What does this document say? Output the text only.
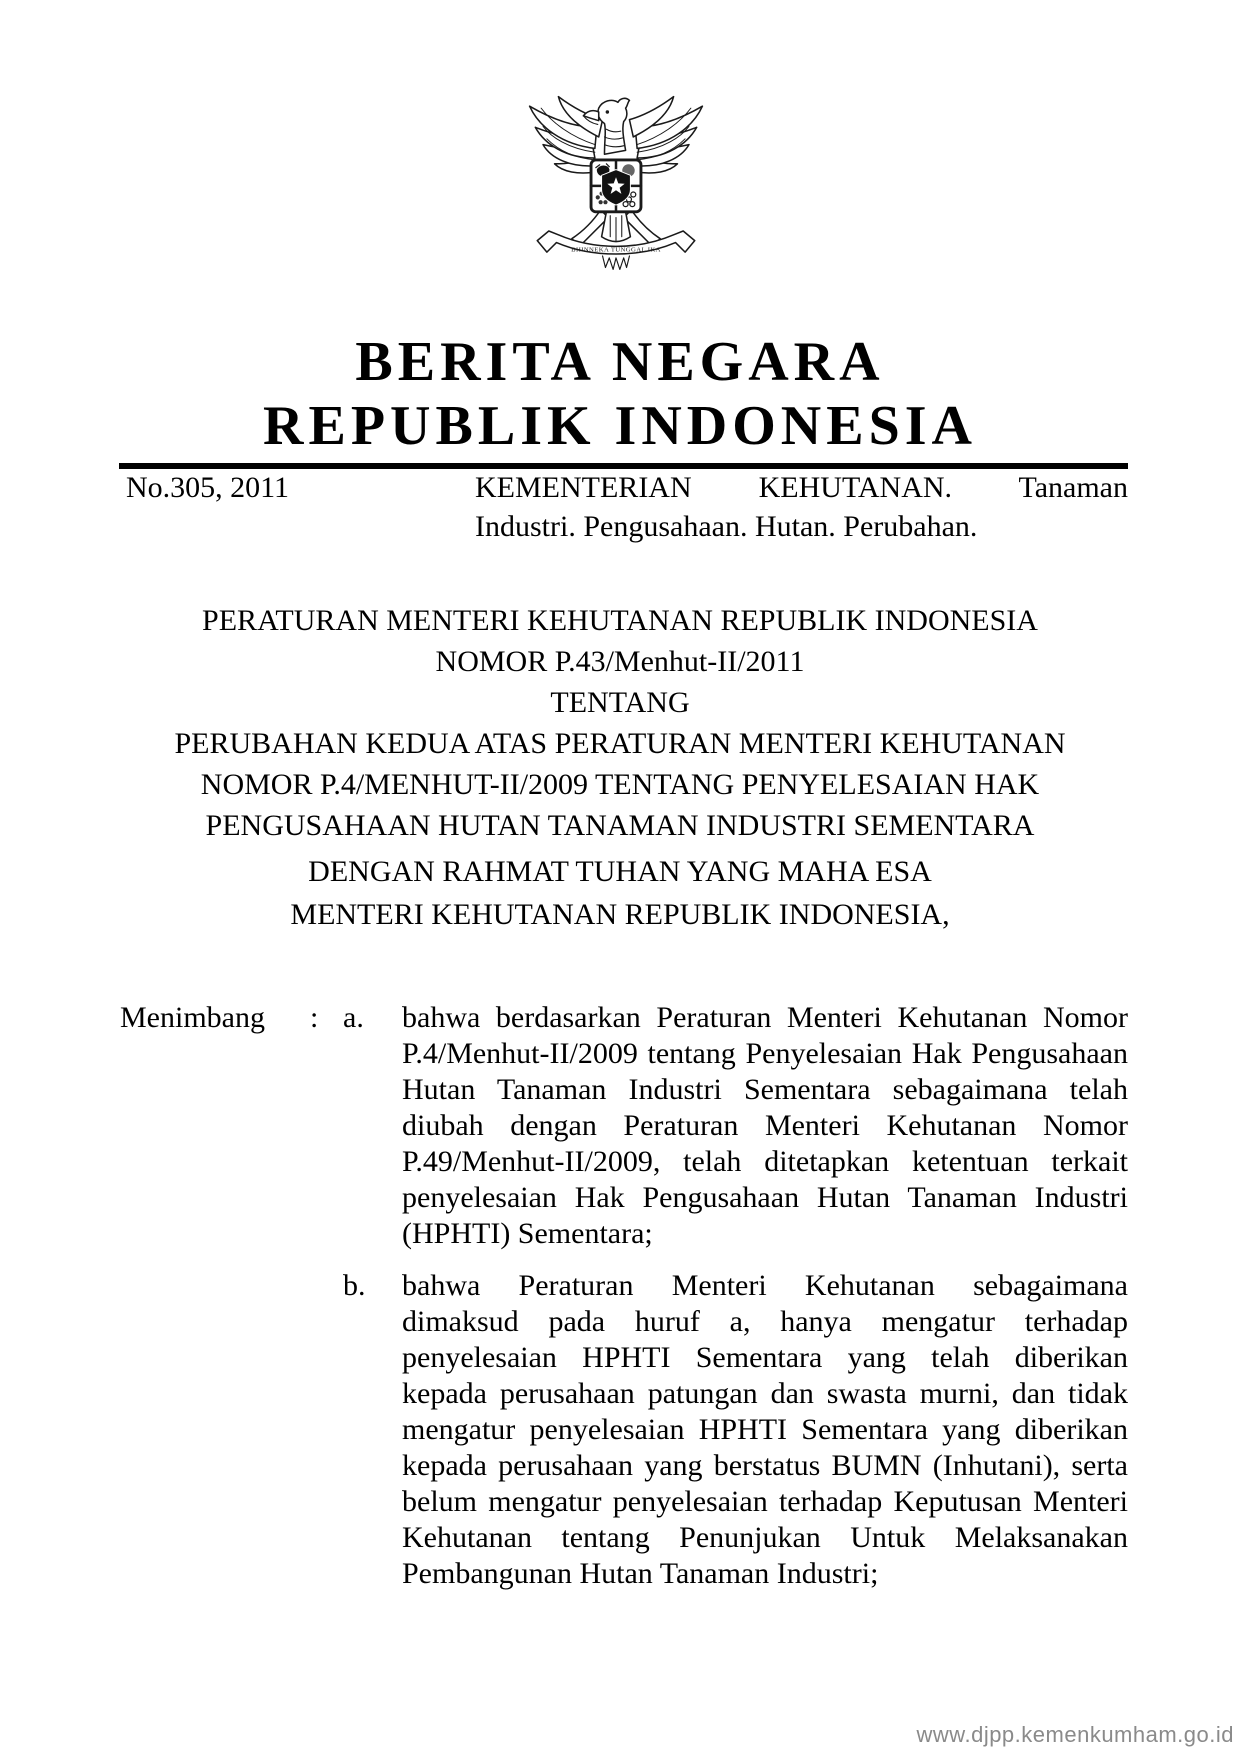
BHINNEKA TUNGGAL IKA
BERITA NEGARA
REPUBLIK INDONESIA
No.305, 2011	KEMENTERIAN KEHUTANAN. Tanaman
Industri. Pengusahaan. Hutan. Perubahan.
PERATURAN MENTERI KEHUTANAN REPUBLIK INDONESIA
NOMOR P.43/Menhut-II/2011
TENTANG
PERUBAHAN KEDUA ATAS PERATURAN MENTERI KEHUTANAN
NOMOR P.4/MENHUT-II/2009 TENTANG PENYELESAIAN HAK
PENGUSAHAAN HUTAN TANAMAN INDUSTRI SEMENTARA
DENGAN RAHMAT TUHAN YANG MAHA ESA
MENTERI KEHUTANAN REPUBLIK INDONESIA,
Menimbang : a.	bahwa berdasarkan Peraturan Menteri Kehutanan Nomor P.4/Menhut-II/2009 tentang Penyelesaian Hak Pengusahaan Hutan Tanaman Industri Sementara sebagaimana telah diubah dengan Peraturan Menteri Kehutanan Nomor P.49/Menhut-II/2009, telah ditetapkan ketentuan terkait penyelesaian Hak Pengusahaan Hutan Tanaman Industri (HPHTI) Sementara;
b.	bahwa Peraturan Menteri Kehutanan sebagaimana dimaksud pada huruf a, hanya mengatur terhadap penyelesaian HPHTI Sementara yang telah diberikan kepada perusahaan patungan dan swasta murni, dan tidak mengatur penyelesaian HPHTI Sementara yang diberikan kepada perusahaan yang berstatus BUMN (Inhutani), serta belum mengatur penyelesaian terhadap Keputusan Menteri Kehutanan tentang Penunjukan Untuk Melaksanakan Pembangunan Hutan Tanaman Industri;
www.djpp.kemenkumham.go.id
